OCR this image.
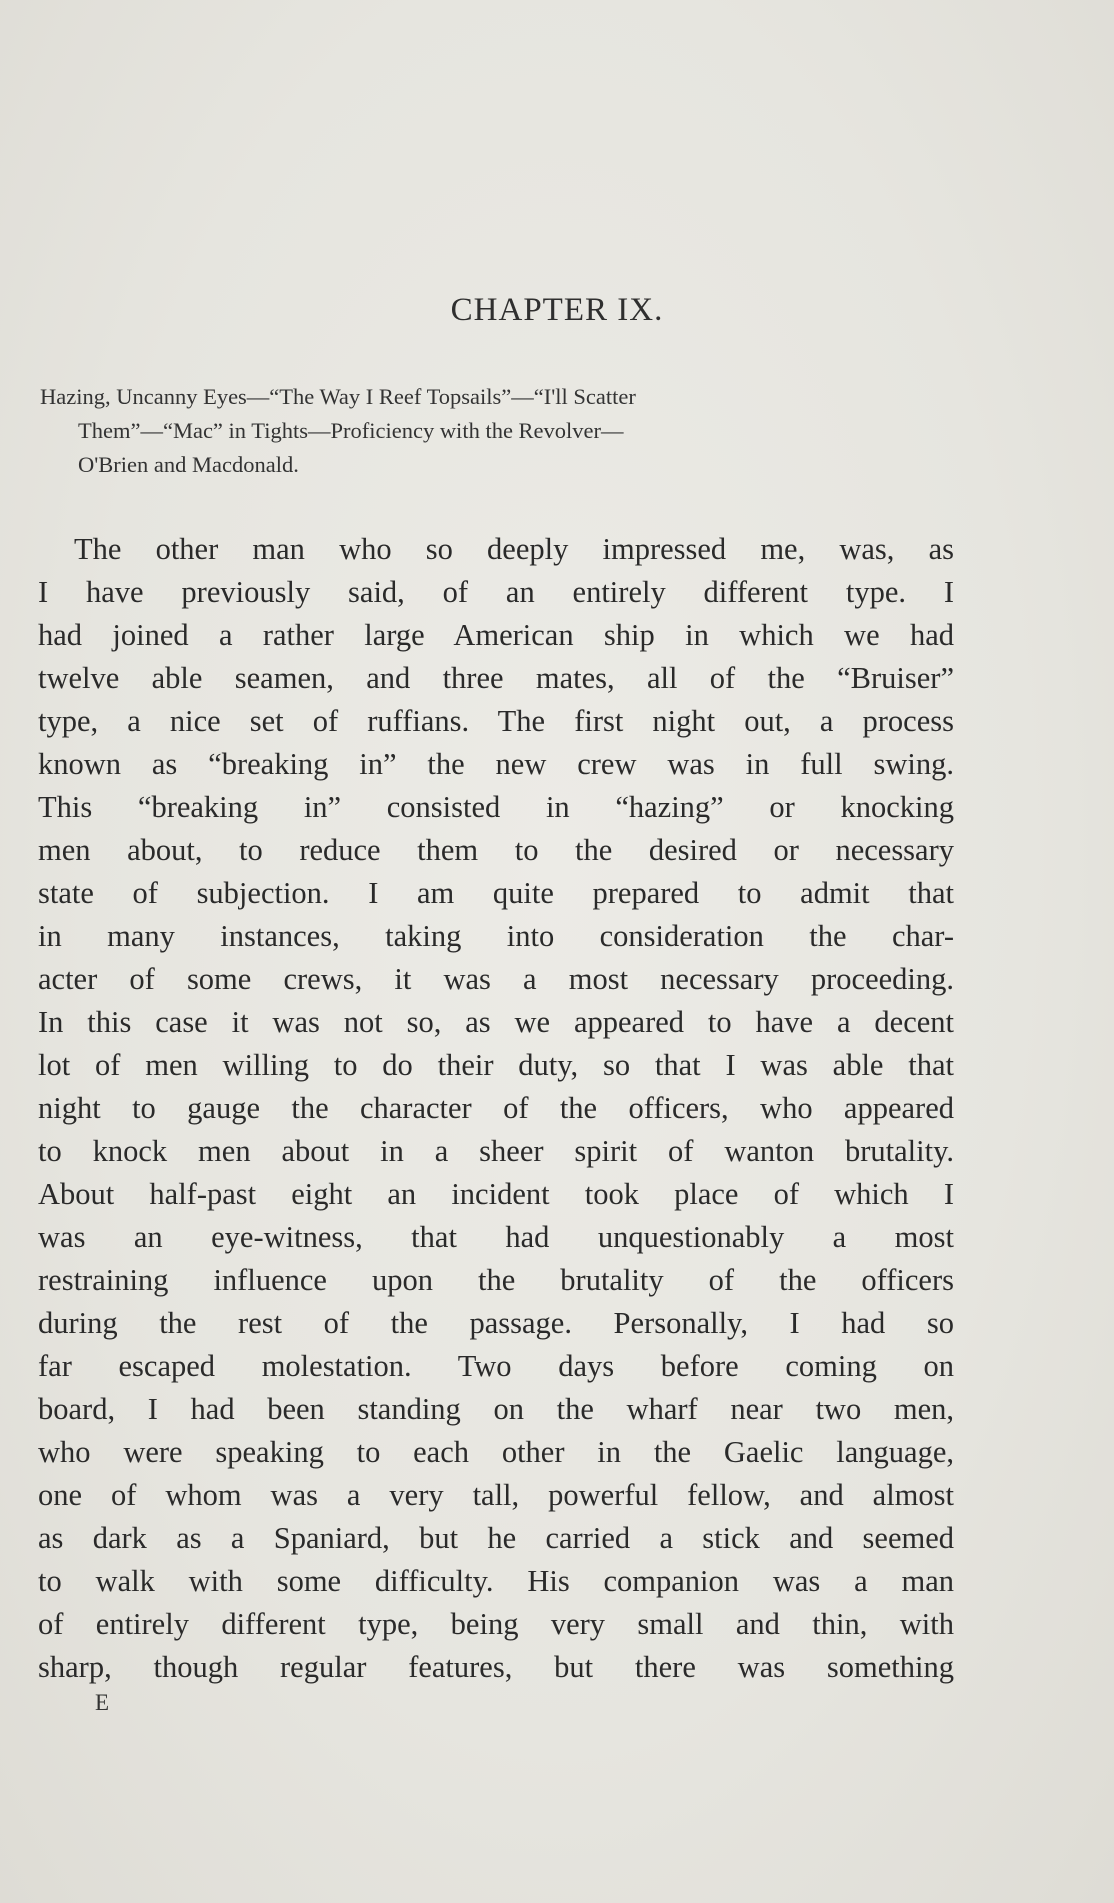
CHAPTER IX.
Hazing, Uncanny Eyes—“The Way I Reef Topsails”—“I'll Scatter
Them”—“Mac” in Tights—Proficiency with the Revolver—
O'Brien and Macdonald.
The other man who so deeply impressed me, was, as
I have previously said, of an entirely different type. I
had joined a rather large American ship in which we had
twelve able seamen, and three mates, all of the “Bruiser”
type, a nice set of ruffians. The first night out, a process
known as “breaking in” the new crew was in full swing.
This “breaking in” consisted in “hazing” or knocking
men about, to reduce them to the desired or necessary
state of subjection. I am quite prepared to admit that
in many instances, taking into consideration the char-
acter of some crews, it was a most necessary proceeding.
In this case it was not so, as we appeared to have a decent
lot of men willing to do their duty, so that I was able that
night to gauge the character of the officers, who appeared
to knock men about in a sheer spirit of wanton brutality.
About half-past eight an incident took place of which I
was an eye-witness, that had unquestionably a most
restraining influence upon the brutality of the officers
during the rest of the passage. Personally, I had so
far escaped molestation. Two days before coming on
board, I had been standing on the wharf near two men,
who were speaking to each other in the Gaelic language,
one of whom was a very tall, powerful fellow, and almost
as dark as a Spaniard, but he carried a stick and seemed
to walk with some difficulty. His companion was a man
of entirely different type, being very small and thin, with
sharp, though regular features, but there was something
E
